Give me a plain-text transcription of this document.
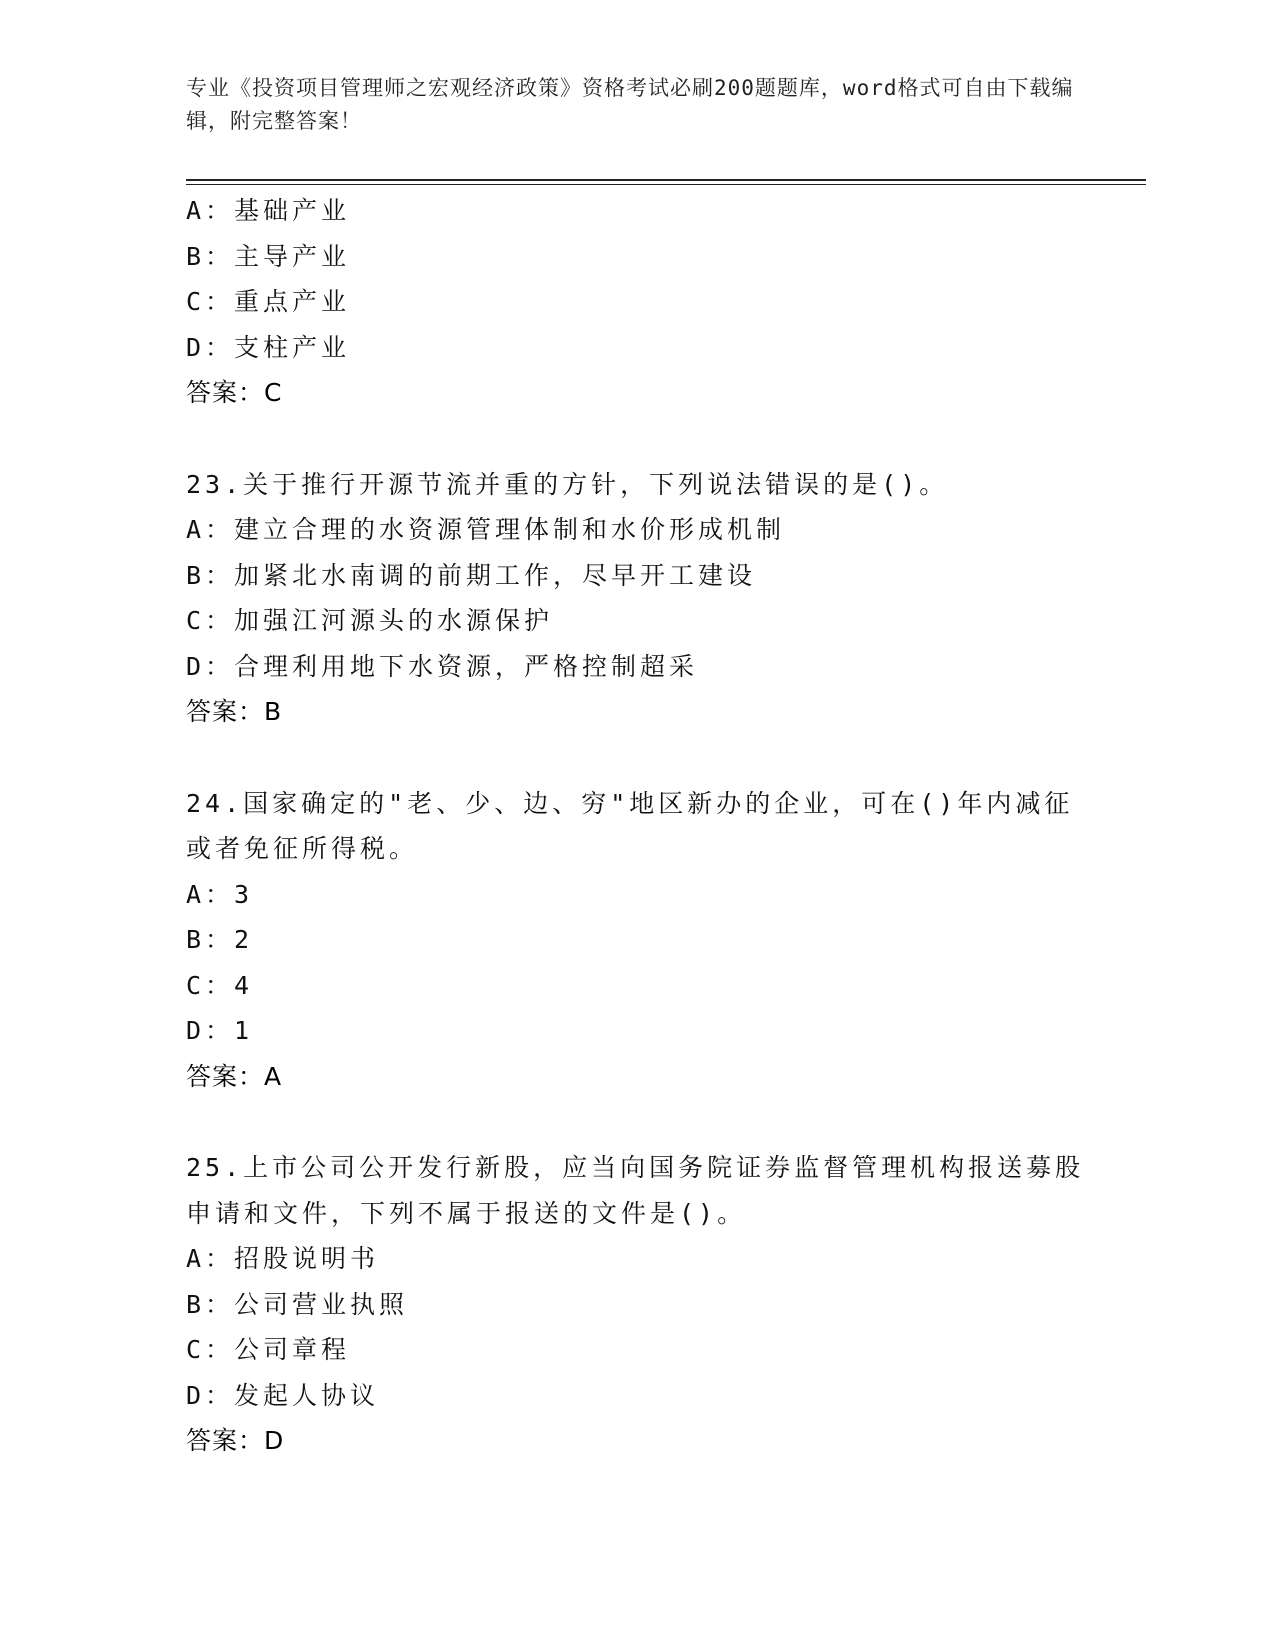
专业《投资项目管理师之宏观经济政策》资格考试必刷200题题库，word格式可自由下载编辑，附完整答案！
A：基础产业
B：主导产业
C：重点产业
D：支柱产业
答案：C
23.关于推行开源节流并重的方针，下列说法错误的是()。
A：建立合理的水资源管理体制和水价形成机制
B：加紧北水南调的前期工作，尽早开工建设
C：加强江河源头的水源保护
D：合理利用地下水资源，严格控制超采
答案：B
24.国家确定的"老、少、边、穷"地区新办的企业，可在()年内减征或者免征所得税。
A：3
B：2
C：4
D：1
答案：A
25.上市公司公开发行新股，应当向国务院证券监督管理机构报送募股申请和文件，下列不属于报送的文件是()。
A：招股说明书
B：公司营业执照
C：公司章程
D：发起人协议
答案：D
